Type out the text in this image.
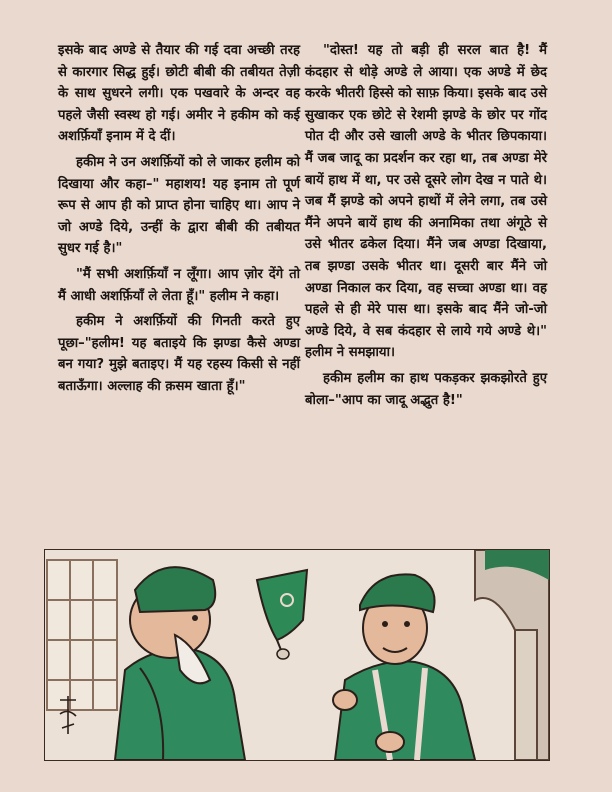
इसके बाद अण्डे से तैयार की गई दवा अच्छी तरह से कारगार सिद्ध हुई। छोटी बीबी की तबीयत तेज़ी के साथ सुधरने लगी। एक पखवारे के अन्दर वह पहले जैसी स्वस्थ हो गई। अमीर ने हकीम को कई अशर्फ़ियाँ इनाम में दे दीं।

हकीम ने उन अशर्फ़ियों को ले जाकर हलीम को दिखाया और कहा–" महाशय! यह इनाम तो पूर्ण रूप से आप ही को प्राप्त होना चाहिए था। आप ने जो अण्डे दिये, उन्हीं के द्वारा बीबी की तबीयत सुधर गई है।"

"मैं सभी अशर्फ़ियाँ न लूँगा। आप ज़ोर देंगे तो मैं आधी अशर्फ़ियाँ ले लेता हूँ।" हलीम ने कहा।

हकीम ने अशर्फ़ियों की गिनती करते हुए पूछा–"हलीम! यह बताइये कि झण्डा कैसे अण्डा बन गया? मुझे बताइए। मैं यह रहस्य किसी से नहीं बताऊँगा। अल्लाह की क़सम खाता हूँ।"

"दोस्त! यह तो बड़ी ही सरल बात है! मैं कंदहार से थोड़े अण्डे ले आया। एक अण्डे में छेद करके भीतरी हिस्से को साफ़ किया। इसके बाद उसे सुखाकर एक छोटे से रेशमी झण्डे के छोर पर गोंद पोत दी और उसे खाली अण्डे के भीतर छिपकाया। मैं जब जादू का प्रदर्शन कर रहा था, तब अण्डा मेरे बायें हाथ में था, पर उसे दूसरे लोग देख न पाते थे। जब मैं झण्डे को अपने हाथों में लेने लगा, तब उसे मैंने अपने बायें हाथ की अनामिका तथा अंगूठे से उसे भीतर ढकेल दिया। मैंने जब अण्डा दिखाया, तब झण्डा उसके भीतर था। दूसरी बार मैंने जो अण्डा निकाल कर दिया, वह सच्चा अण्डा था। वह पहले से ही मेरे पास था। इसके बाद मैंने जो-जो अण्डे दिये, वे सब कंदहार से लाये गये अण्डे थे।" हलीम ने समझाया।

हकीम हलीम का हाथ पकड़कर झकझोरते हुए बोला–"आप का जादू अद्भुत है!"
